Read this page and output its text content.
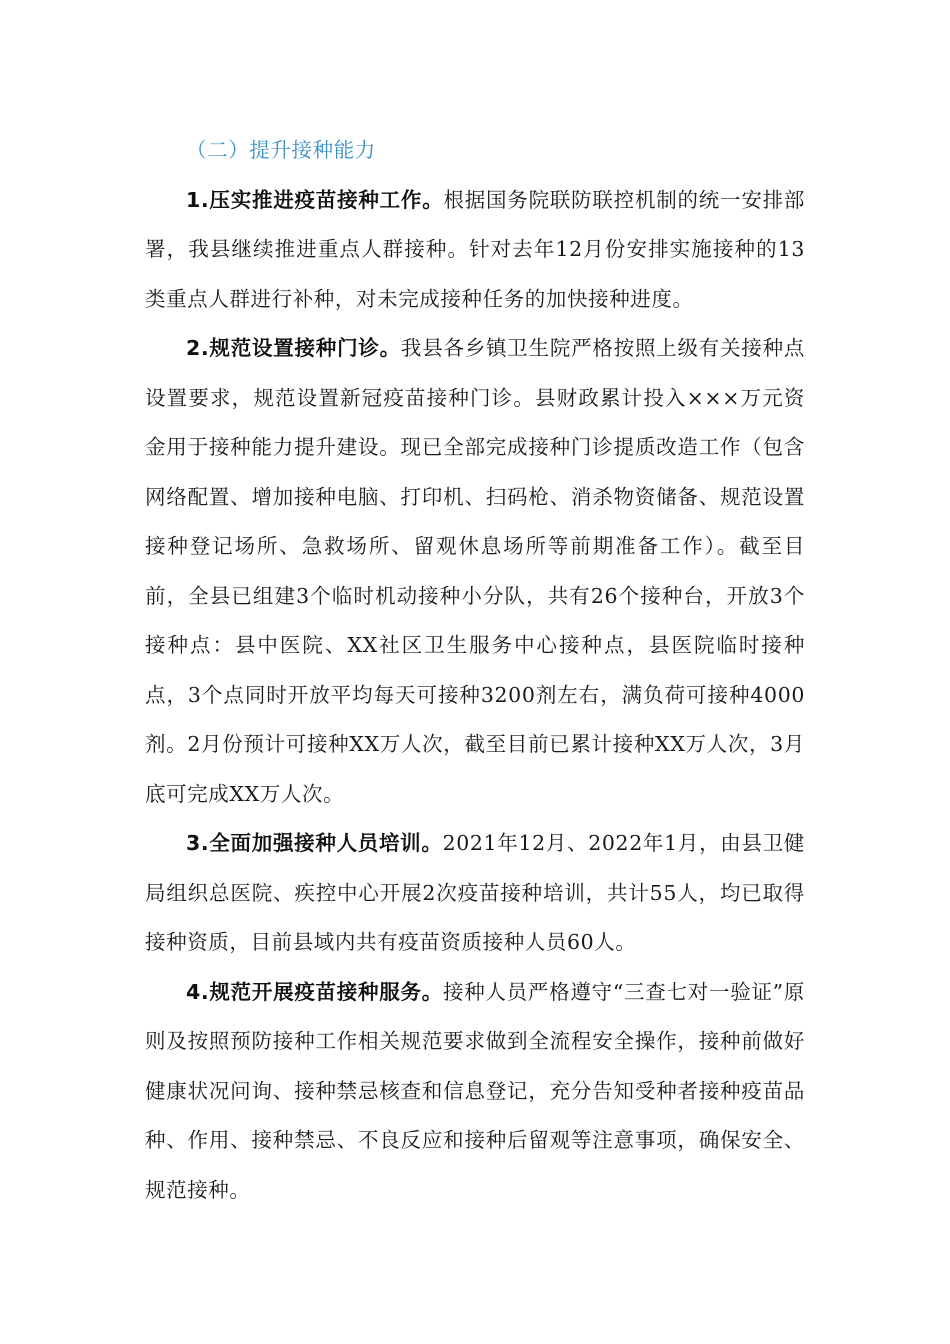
（二）提升接种能力

1.压实推进疫苗接种工作。根据国务院联防联控机制的统一安排部署，我县继续推进重点人群接种。针对去年12月份安排实施接种的13类重点人群进行补种，对未完成接种任务的加快接种进度。

2.规范设置接种门诊。我县各乡镇卫生院严格按照上级有关接种点设置要求，规范设置新冠疫苗接种门诊。县财政累计投入×××万元资金用于接种能力提升建设。现已全部完成接种门诊提质改造工作（包含网络配置、增加接种电脑、打印机、扫码枪、消杀物资储备、规范设置接种登记场所、急救场所、留观休息场所等前期准备工作）。截至目前，全县已组建3个临时机动接种小分队，共有26个接种台，开放3个接种点：县中医院、XX社区卫生服务中心接种点，县医院临时接种点，3个点同时开放平均每天可接种3200剂左右，满负荷可接种4000剂。2月份预计可接种XX万人次，截至目前已累计接种XX万人次，3月底可完成XX万人次。

3.全面加强接种人员培训。2021年12月、2022年1月，由县卫健局组织总医院、疾控中心开展2次疫苗接种培训，共计55人，均已取得接种资质，目前县域内共有疫苗资质接种人员60人。

4.规范开展疫苗接种服务。接种人员严格遵守“三查七对一验证”原则及按照预防接种工作相关规范要求做到全流程安全操作，接种前做好健康状况问询、接种禁忌核查和信息登记，充分告知受种者接种疫苗品种、作用、接种禁忌、不良反应和接种后留观等注意事项，确保安全、规范接种。
